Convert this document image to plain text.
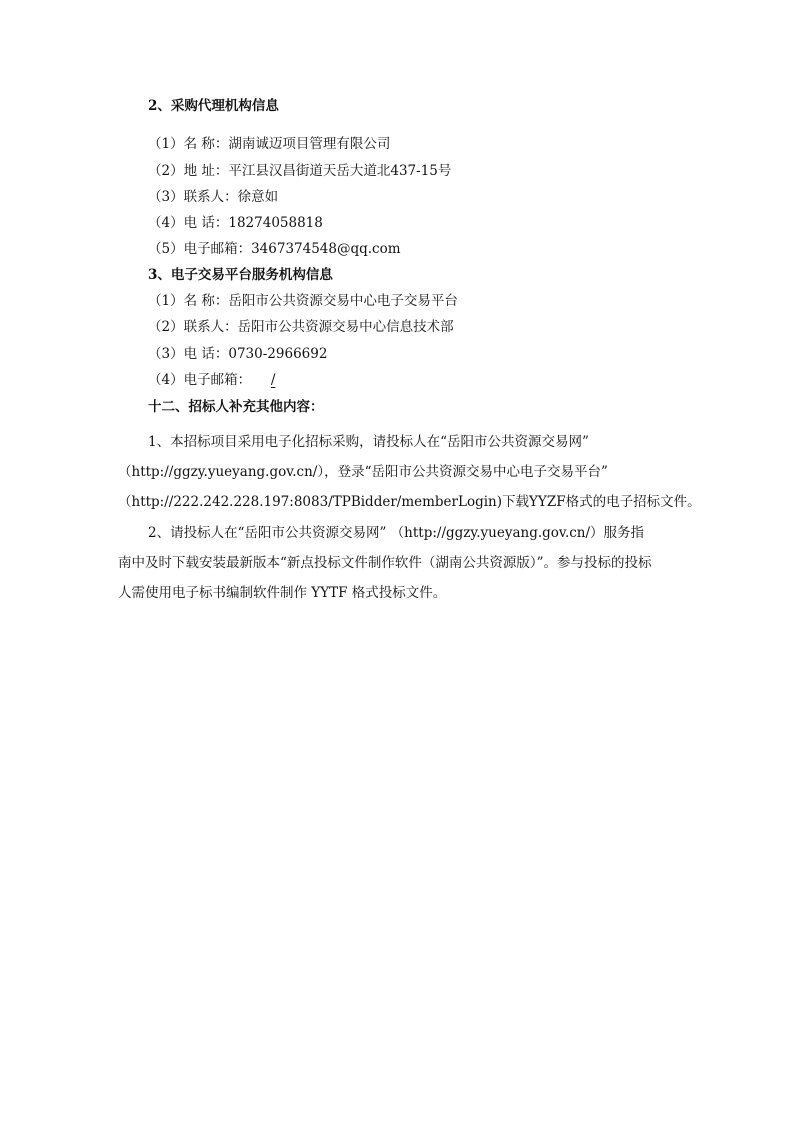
2、采购代理机构信息
（1）名 称：湖南诚迈项目管理有限公司
（2）地 址：平江县汉昌街道天岳大道北437-15号
（3）联系人：徐意如
（4）电 话：18274058818
（5）电子邮箱：3467374548@qq.com
3、电子交易平台服务机构信息
（1）名 称：岳阳市公共资源交易中心电子交易平台
（2）联系人：岳阳市公共资源交易中心信息技术部
（3）电 话：0730-2966692
（4）电子邮箱： /
十二、招标人补充其他内容：
1、本招标项目采用电子化招标采购，请投标人在“岳阳市公共资源交易网”
（http://ggzy.yueyang.gov.cn/），登录“岳阳市公共资源交易中心电子交易平台”
（http://222.242.228.197:8083/TPBidder/memberLogin)下载YYZF格式的电子招标文件。
2、请投标人在“岳阳市公共资源交易网” （http://ggzy.yueyang.gov.cn/）服务指
南中及时下载安装最新版本“新点投标文件制作软件（湖南公共资源版）”。参与投标的投标
人需使用电子标书编制软件制作 YYTF 格式投标文件。
